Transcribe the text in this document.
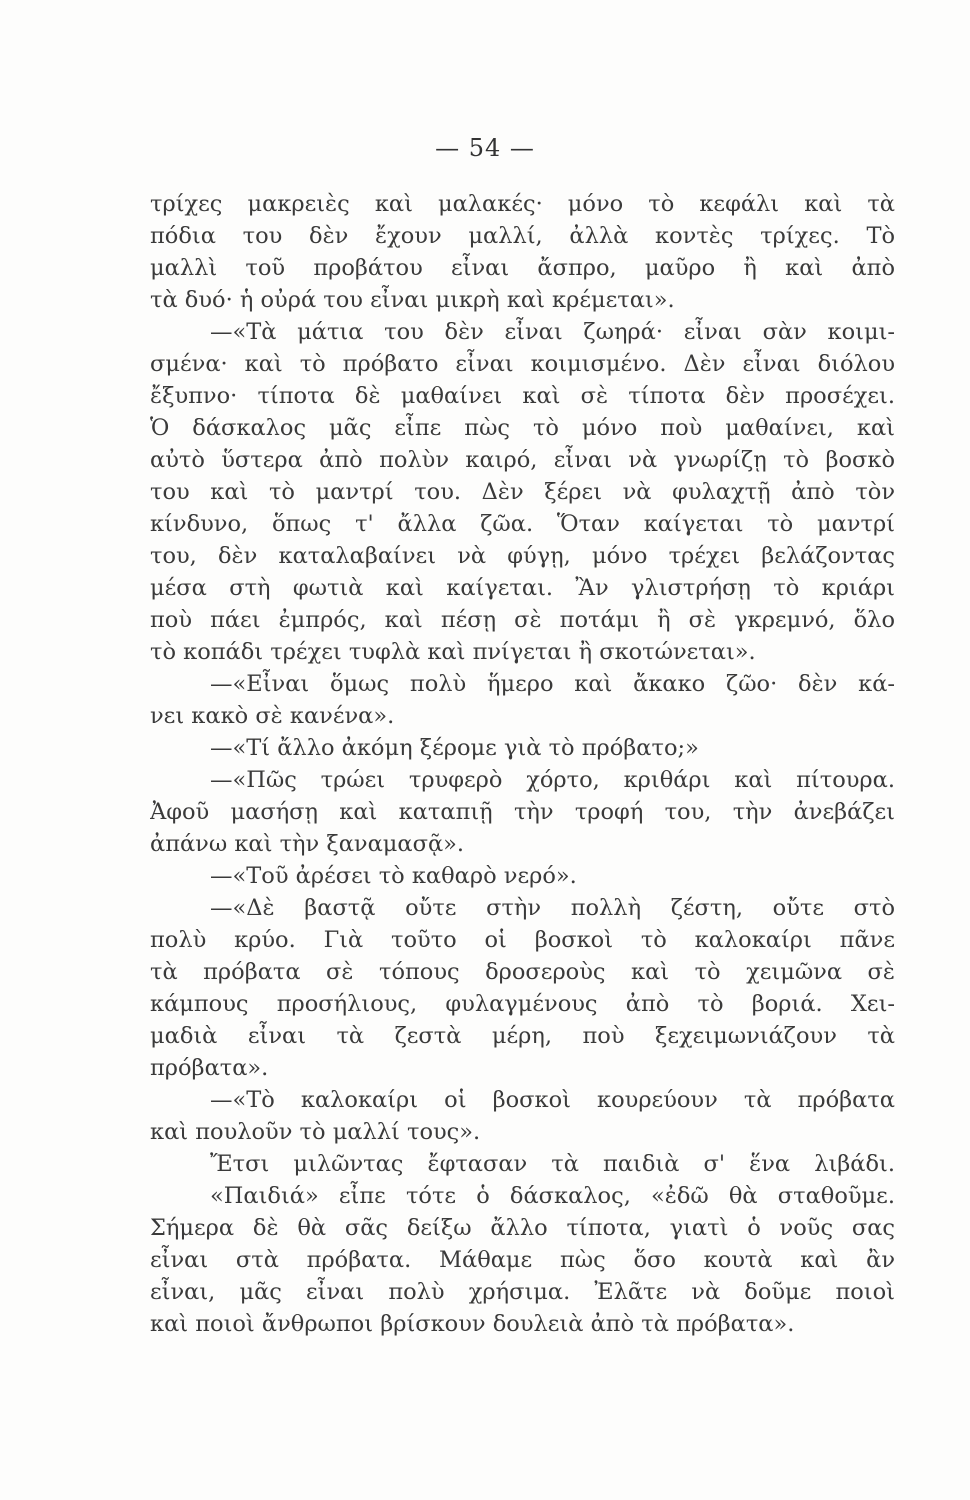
— 54 —
τρίχες μακρειὲς καὶ μαλακές· μόνο τὸ κεφάλι καὶ τὰ
πόδια του δὲν ἔχουν μαλλί, ἀλλὰ κοντὲς τρίχες. Τὸ
μαλλὶ τοῦ προβάτου εἶναι ἄσπρο, μαῦρο ἢ καὶ ἀπὸ
τὰ δυό· ἡ οὐρά του εἶναι μικρὴ καὶ κρέμεται».
—«Τὰ μάτια του δὲν εἶναι ζωηρά· εἶναι σὰν κοιμι-
σμένα· καὶ τὸ πρόβατο εἶναι κοιμισμένο. Δὲν εἶναι διόλου
ἔξυπνο· τίποτα δὲ μαθαίνει καὶ σὲ τίποτα δὲν προσέχει.
Ὁ δάσκαλος μᾶς εἶπε πὼς τὸ μόνο ποὺ μαθαίνει, καὶ
αὐτὸ ὕστερα ἀπὸ πολὺν καιρό, εἶναι νὰ γνωρίζῃ τὸ βοσκὸ
του καὶ τὸ μαντρί του. Δὲν ξέρει νὰ φυλαχτῇ ἀπὸ τὸν
κίνδυνο, ὅπως τ' ἄλλα ζῶα. Ὅταν καίγεται τὸ μαντρί
του, δὲν καταλαβαίνει νὰ φύγῃ, μόνο τρέχει βελάζοντας
μέσα στὴ φωτιὰ καὶ καίγεται. Ἂν γλιστρήσῃ τὸ κριάρι
ποὺ πάει ἐμπρός, καὶ πέσῃ σὲ ποτάμι ἢ σὲ γκρεμνό, ὅλο
τὸ κοπάδι τρέχει τυφλὰ καὶ πνίγεται ἢ σκοτώνεται».
—«Εἶναι ὅμως πολὺ ἥμερο καὶ ἄκακο ζῶο· δὲν κά-
νει κακὸ σὲ κανένα».
—«Τί ἄλλο ἀκόμη ξέρομε γιὰ τὸ πρόβατο;»
—«Πῶς τρώει τρυφερὸ χόρτο, κριθάρι καὶ πίτουρα.
Ἀφοῦ μασήσῃ καὶ καταπιῇ τὴν τροφή του, τὴν ἀνεβάζει
ἀπάνω καὶ τὴν ξαναμασᾷ».
—«Τοῦ ἀρέσει τὸ καθαρὸ νερό».
—«Δὲ βαστᾷ οὔτε στὴν πολλὴ ζέστη, οὔτε στὸ
πολὺ κρύο. Γιὰ τοῦτο οἱ βοσκοὶ τὸ καλοκαίρι πᾶνε
τὰ πρόβατα σὲ τόπους δροσεροὺς καὶ τὸ χειμῶνα σὲ
κάμπους προσήλιους, φυλαγμένους ἀπὸ τὸ βοριά. Χει-
μαδιὰ εἶναι τὰ ζεστὰ μέρη, ποὺ ξεχειμωνιάζουν τὰ
πρόβατα».
—«Τὸ καλοκαίρι οἱ βοσκοὶ κουρεύουν τὰ πρόβατα
καὶ πουλοῦν τὸ μαλλί τους».
Ἔτσι μιλῶντας ἔφτασαν τὰ παιδιὰ σ' ἕνα λιβάδι.
«Παιδιά» εἶπε τότε ὁ δάσκαλος, «ἐδῶ θὰ σταθοῦμε.
Σήμερα δὲ θὰ σᾶς δείξω ἄλλο τίποτα, γιατὶ ὁ νοῦς σας
εἶναι στὰ πρόβατα. Μάθαμε πὼς ὅσο κουτὰ καὶ ἂν
εἶναι, μᾶς εἶναι πολὺ χρήσιμα. Ἐλᾶτε νὰ δοῦμε ποιοὶ
καὶ ποιοὶ ἄνθρωποι βρίσκουν δουλειὰ ἀπὸ τὰ πρόβατα».
